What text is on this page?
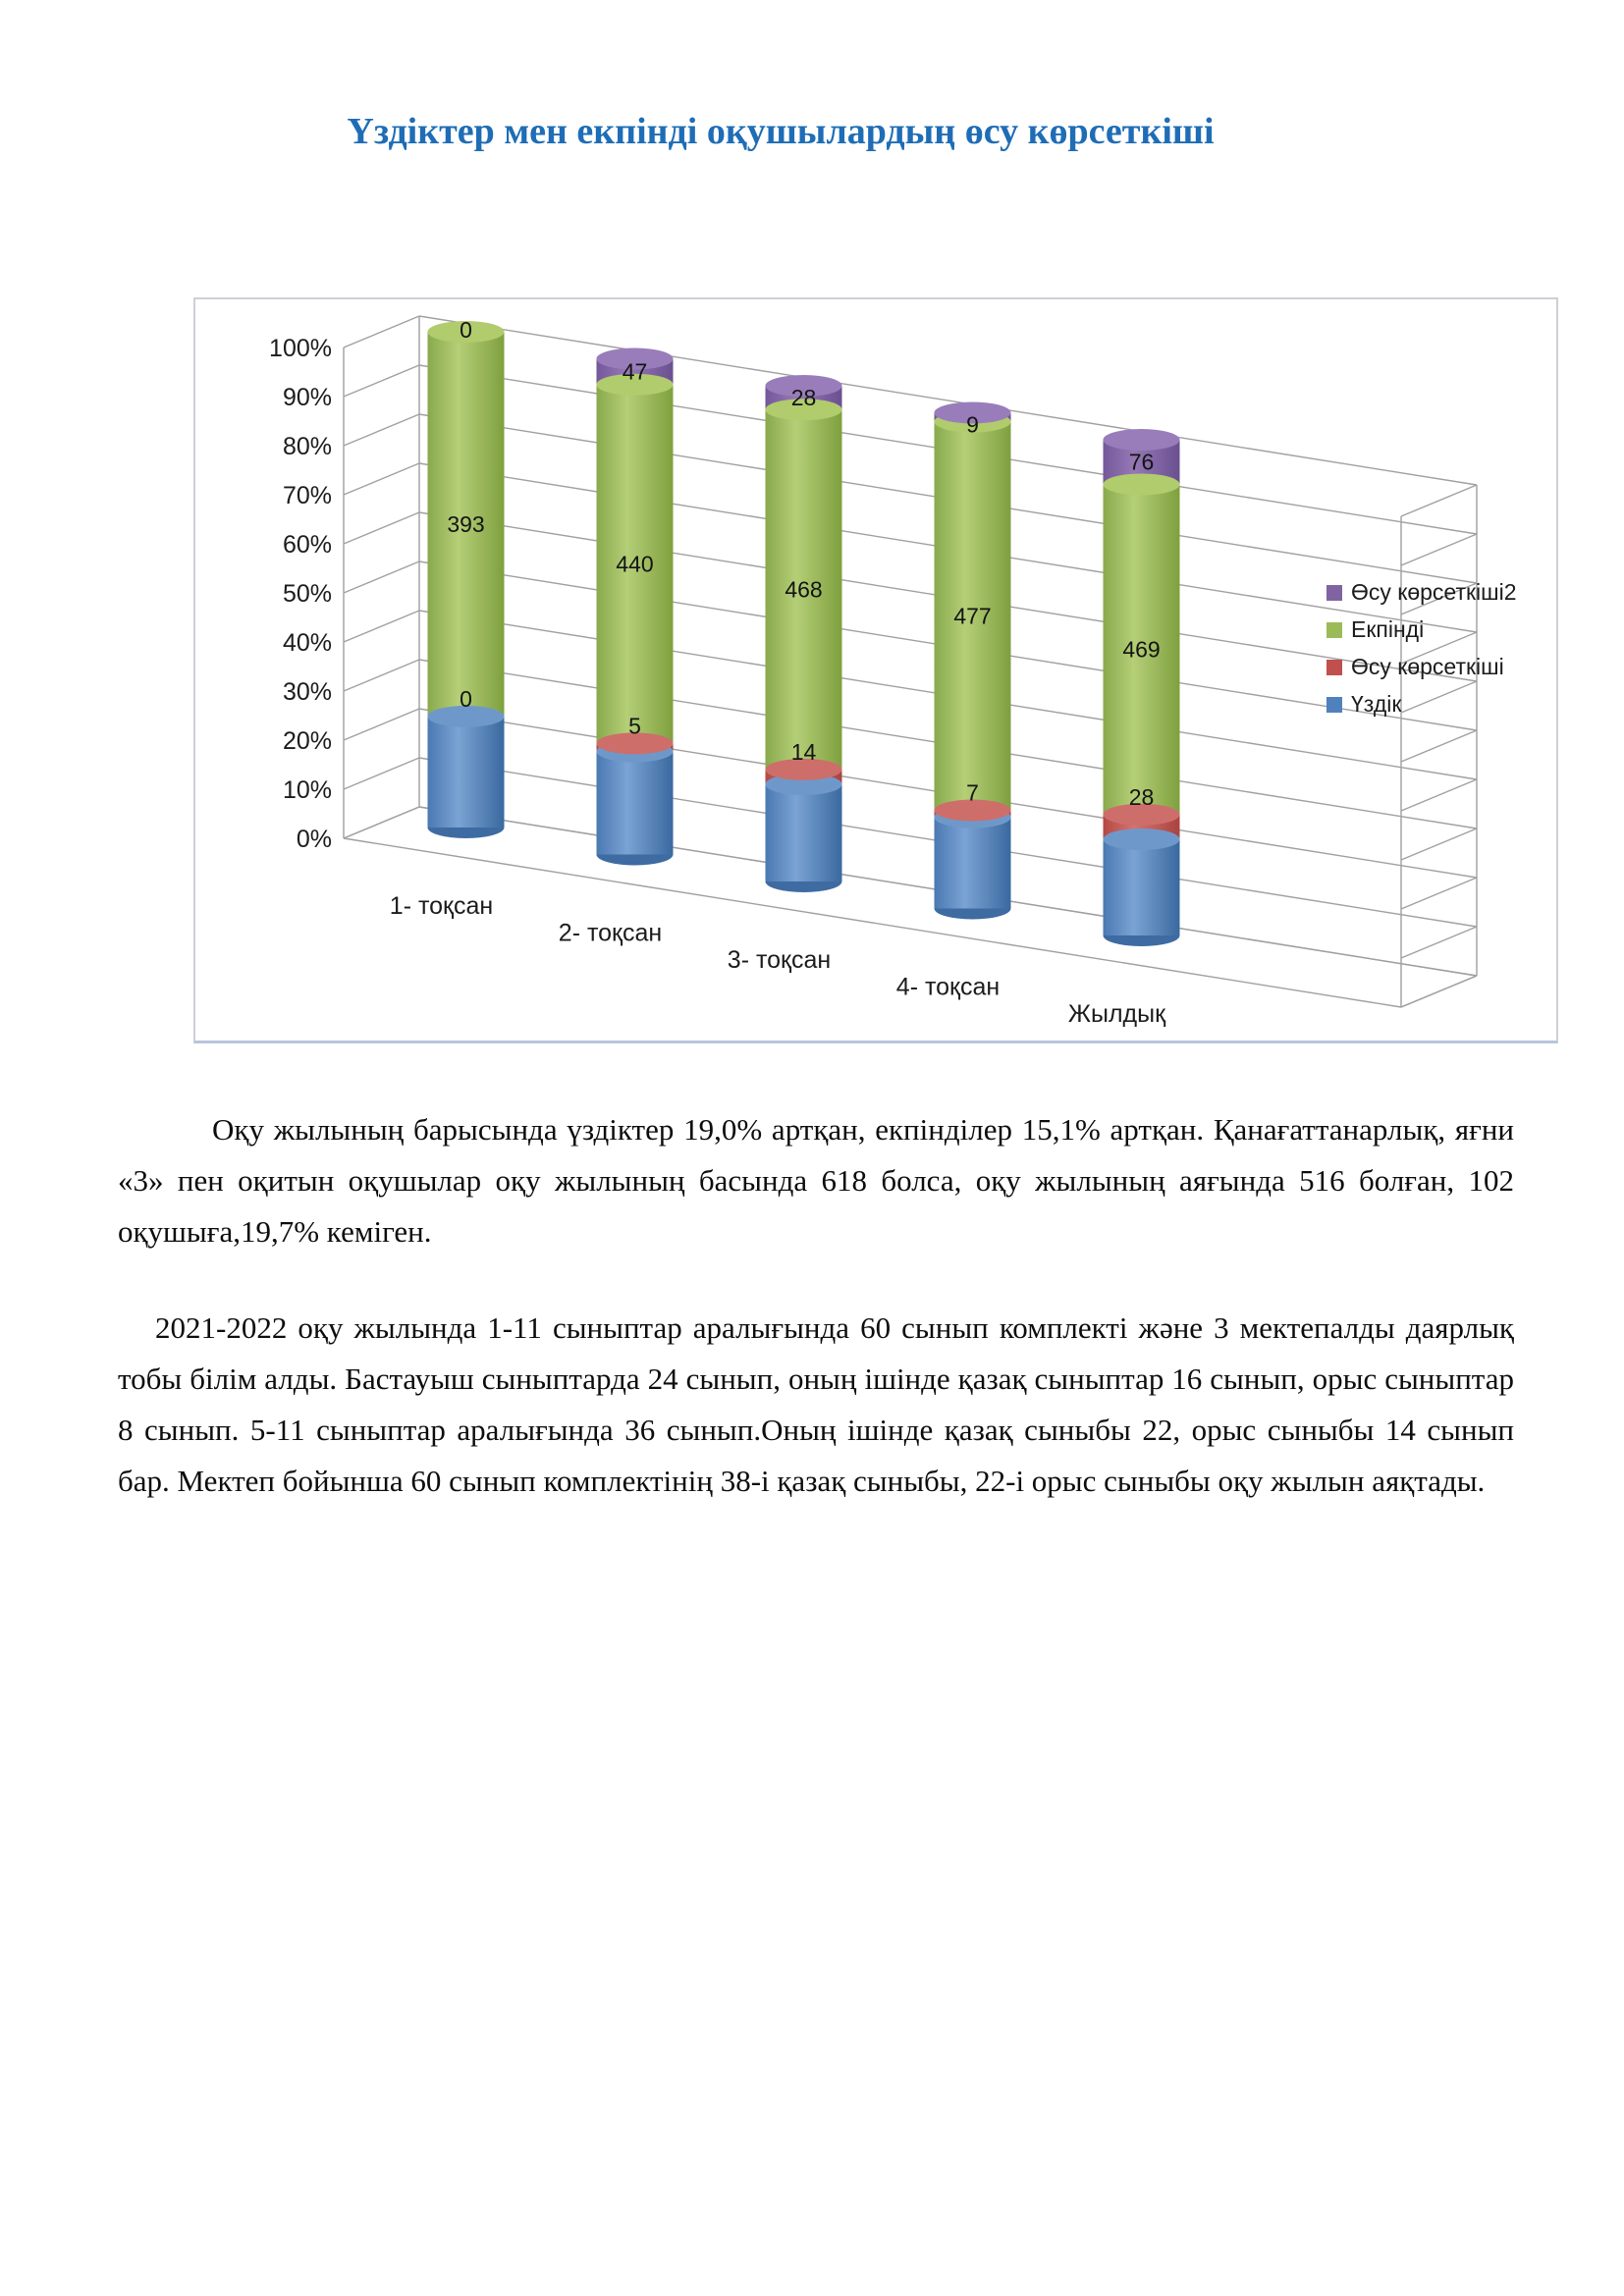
Үздіктер мен екпінді оқушылардың өсу көрсеткіші
0
393
0
5
440
47
14
468
28
7
477
9
28
469
76
1- тоқсан
2- тоқсан
3- тоқсан
4- тоқсан
Жылдық
100%
90%
80%
70%
60%
50%
40%
30%
20%
10%
0%
Өсу көрсеткіші2
Екпінді
Өсу көрсеткіші
Үздік

Оқу жылының барысында үздіктер 19,0% артқан, екпінділер 15,1% артқан. Қанағаттанарлық, яғни «3» пен оқитын оқушылар оқу жылының басында 618 болса, оқу жылының аяғында 516 болған, 102 оқушыға,19,7% кеміген.

2021-2022 оқу жылында 1-11 сыныптар аралығында 60 сынып комплекті және 3 мектепалды даярлық тобы білім алды. Бастауыш сыныптарда 24 сынып, оның ішінде қазақ сыныптар 16 сынып, орыс сыныптар 8 сынып. 5-11 сыныптар аралығында 36 сынып.Оның ішінде қазақ сыныбы 22, орыс сыныбы 14 сынып бар. Мектеп бойынша 60 сынып комплектінің 38-і қазақ сыныбы, 22-і орыс сыныбы оқу жылын аяқтады.
